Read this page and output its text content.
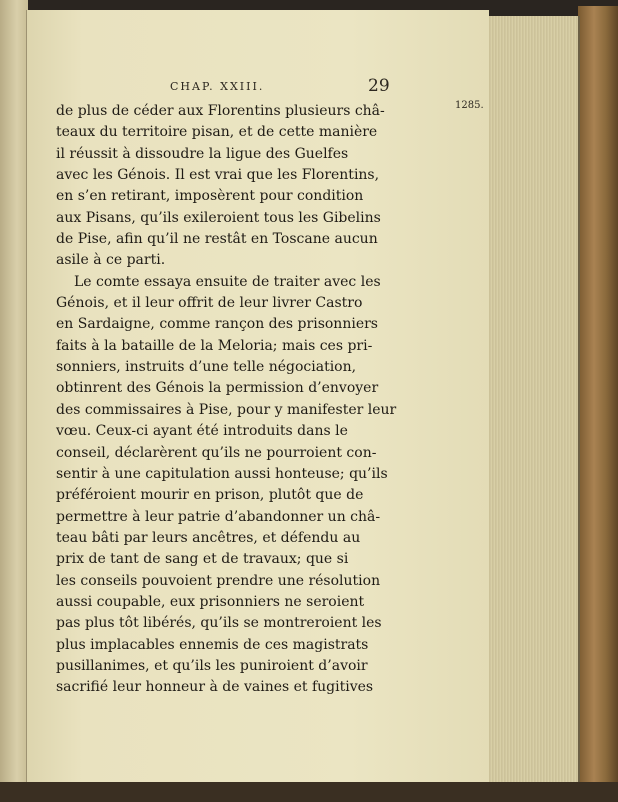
CHAP. XXIII.	29
1285.
de plus de céder aux Florentins plusieurs châ-
teaux du territoire pisan, et de cette manière
il réussit à dissoudre la ligue des Guelfes
avec les Génois. Il est vrai que les Florentins,
en s’en retirant, imposèrent pour condition
aux Pisans, qu’ils exileroient tous les Gibelins
de Pise, afin qu’il ne restât en Toscane aucun
asile à ce parti.
Le comte essaya ensuite de traiter avec les
Génois, et il leur offrit de leur livrer Castro
en Sardaigne, comme rançon des prisonniers
faits à la bataille de la Meloria; mais ces pri-
sonniers, instruits d’une telle négociation,
obtinrent des Génois la permission d’envoyer
des commissaires à Pise, pour y manifester leur
vœu. Ceux-ci ayant été introduits dans le
conseil, déclarèrent qu’ils ne pourroient con-
sentir à une capitulation aussi honteuse; qu’ils
préféroient mourir en prison, plutôt que de
permettre à leur patrie d’abandonner un châ-
teau bâti par leurs ancêtres, et défendu au
prix de tant de sang et de travaux; que si
les conseils pouvoient prendre une résolution
aussi coupable, eux prisonniers ne seroient
pas plus tôt libérés, qu’ils se montreroient les
plus implacables ennemis de ces magistrats
pusillanimes, et qu’ils les puniroient d’avoir
sacrifié leur honneur à de vaines et fugitives
